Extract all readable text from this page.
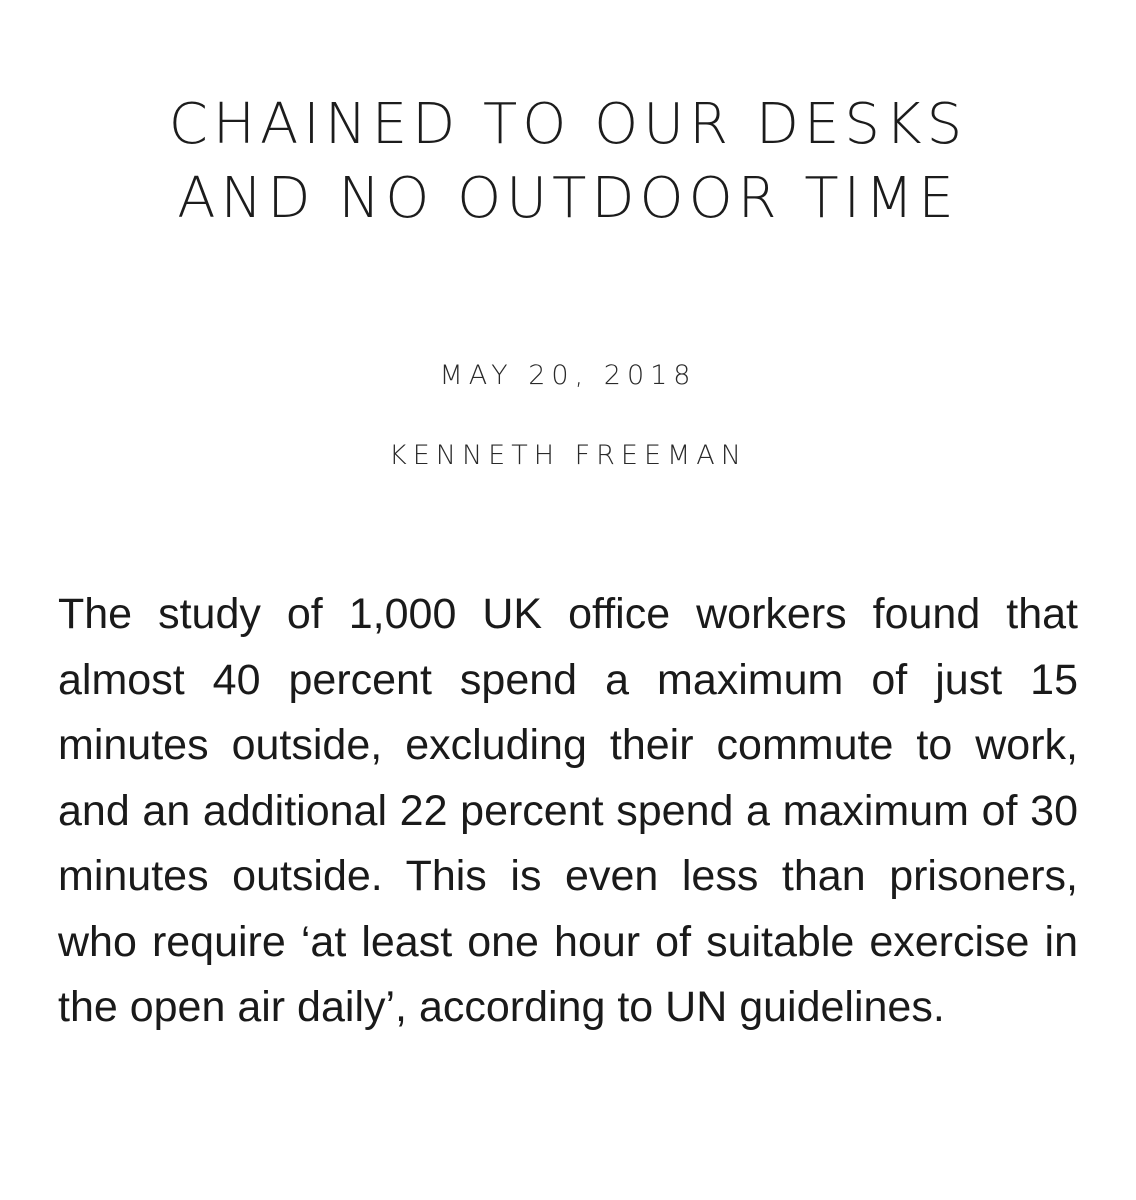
CHAINED TO OUR DESKS
AND NO OUTDOOR TIME
MAY 20, 2018
KENNETH FREEMAN

The study of 1,000 UK office workers found that almost 40 percent spend a maximum of just 15 minutes outside, excluding their commute to work, and an additional 22 percent spend a maximum of 30 minutes outside. This is even less than prisoners, who require ‘at least one hour of suitable exercise in the open air daily’, according to UN guidelines.
